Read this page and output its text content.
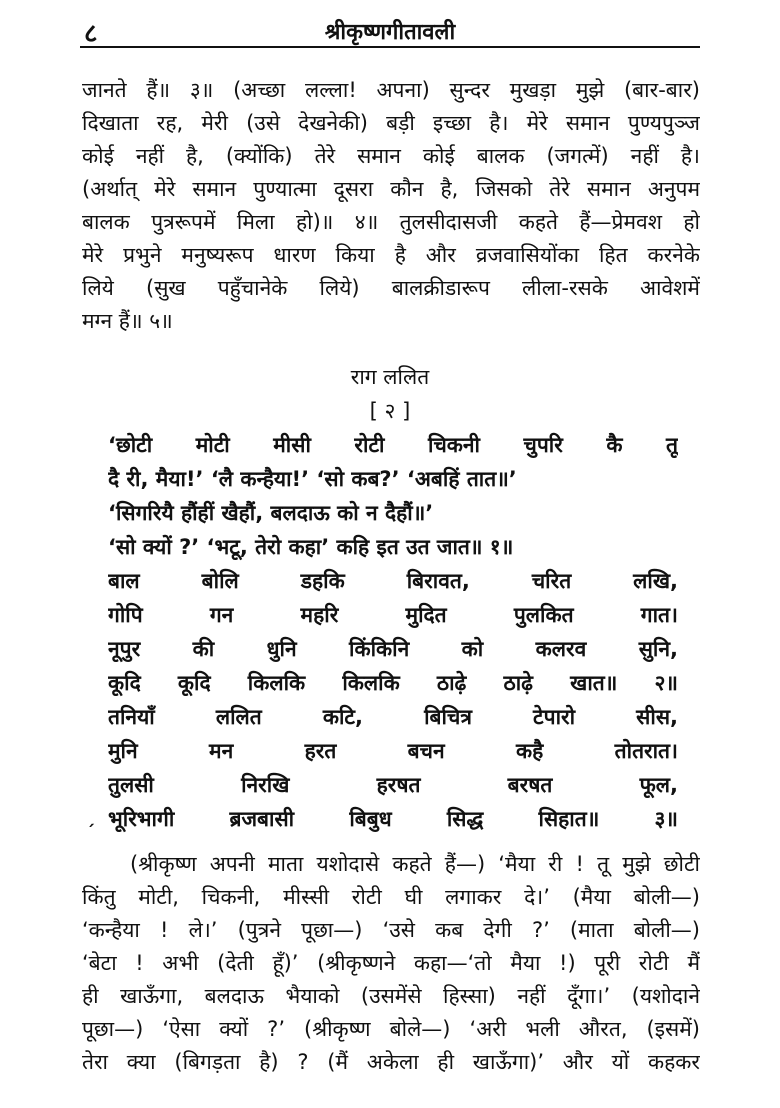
८	श्रीकृष्णगीतावली
जानते हैं॥ ३॥ (अच्छा लल्ला! अपना) सुन्दर मुखड़ा मुझे (बार-बार)
दिखाता रह, मेरी (उसे देखनेकी) बड़ी इच्छा है। मेरे समान पुण्यपुञ्ज
कोई नहीं है, (क्योंकि) तेरे समान कोई बालक (जगत्में) नहीं है।
(अर्थात् मेरे समान पुण्यात्मा दूसरा कौन है, जिसको तेरे समान अनुपम
बालक पुत्ररूपमें मिला हो)॥ ४॥ तुलसीदासजी कहते हैं—प्रेमवश हो
मेरे प्रभुने मनुष्यरूप धारण किया है और व्रजवासियोंका हित करनेके
लिये (सुख पहुँचानेके लिये) बालक्रीडारूप लीला-रसके आवेशमें
मग्न हैं॥ ५॥
राग ललित
[ २ ]
‘छोटी मोटी मीसी रोटी चिकनी चुपरि कै तू
दै री, मैया!’ ‘लै कन्हैया!’ ‘सो कब?’ ‘अबहिं तात॥’
‘सिगरियै हौंहीं खैहौं, बलदाऊ को न दैहौं॥’
‘सो क्यों ?’ ‘भटू, तेरो कहा’ कहि इत उत जात॥ १॥
बाल बोलि डहकि बिरावत, चरित लखि,
गोपि गन महरि मुदित पुलकित गात।
नूपुर की धुनि किंकिनि को कलरव सुनि,
कूदि कूदि किलकि किलकि ठाढ़े ठाढ़े खात॥ २॥
तनियाँ ललित कटि, बिचित्र टेपारो सीस,
मुनि मन हरत बचन कहै तोतरात।
तुलसी निरखि हरषत बरषत फूल,
भूरिभागी ब्रजबासी बिबुध सिद्ध सिहात॥ ३॥
ˊ
(श्रीकृष्ण अपनी माता यशोदासे कहते हैं—) ‘मैया री ! तू मुझे छोटी
किंतु मोटी, चिकनी, मीस्सी रोटी घी लगाकर दे।’ (मैया बोली—)
‘कन्हैया ! ले।’ (पुत्रने पूछा—) ‘उसे कब देगी ?’ (माता बोली—)
‘बेटा ! अभी (देती हूँ)’ (श्रीकृष्णने कहा—‘तो मैया !) पूरी रोटी मैं
ही खाऊँगा, बलदाऊ भैयाको (उसमेंसे हिस्सा) नहीं दूँगा।’ (यशोदाने
पूछा—) ‘ऐसा क्यों ?’ (श्रीकृष्ण बोले—) ‘अरी भली औरत, (इसमें)
तेरा क्या (बिगड़ता है) ? (मैं अकेला ही खाऊँगा)’ और यों कहकर
